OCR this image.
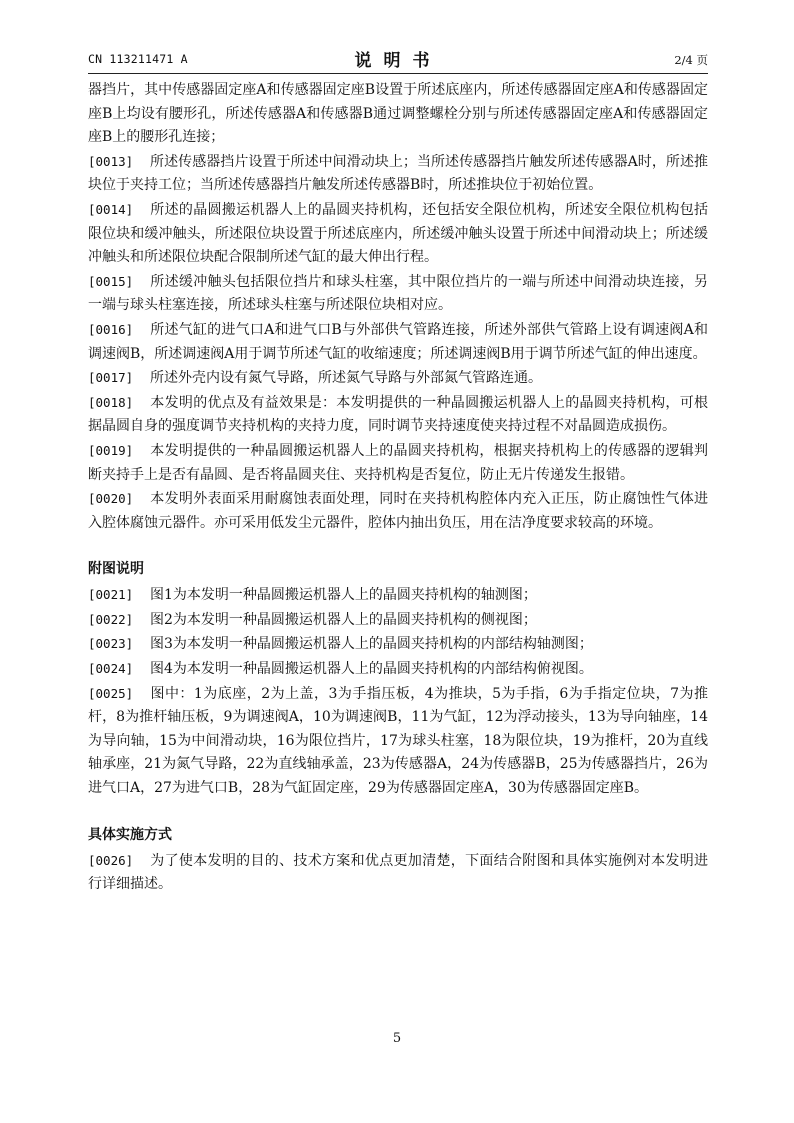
CN 113211471 A	说明书	2/4 页

器挡片，其中传感器固定座A和传感器固定座B设置于所述底座内，所述传感器固定座A和传感器固定座B上均设有腰形孔，所述传感器A和传感器B通过调整螺栓分别与所述传感器固定座A和传感器固定座B上的腰形孔连接；

[0013] 所述传感器挡片设置于所述中间滑动块上；当所述传感器挡片触发所述传感器A时，所述推块位于夹持工位；当所述传感器挡片触发所述传感器B时，所述推块位于初始位置。

[0014] 所述的晶圆搬运机器人上的晶圆夹持机构，还包括安全限位机构，所述安全限位机构包括限位块和缓冲触头，所述限位块设置于所述底座内，所述缓冲触头设置于所述中间滑动块上；所述缓冲触头和所述限位块配合限制所述气缸的最大伸出行程。

[0015] 所述缓冲触头包括限位挡片和球头柱塞，其中限位挡片的一端与所述中间滑动块连接，另一端与球头柱塞连接，所述球头柱塞与所述限位块相对应。

[0016] 所述气缸的进气口A和进气口B与外部供气管路连接，所述外部供气管路上设有调速阀A和调速阀B，所述调速阀A用于调节所述气缸的收缩速度；所述调速阀B用于调节所述气缸的伸出速度。

[0017] 所述外壳内设有氮气导路，所述氮气导路与外部氮气管路连通。

[0018] 本发明的优点及有益效果是：本发明提供的一种晶圆搬运机器人上的晶圆夹持机构，可根据晶圆自身的强度调节夹持机构的夹持力度，同时调节夹持速度使夹持过程不对晶圆造成损伤。

[0019] 本发明提供的一种晶圆搬运机器人上的晶圆夹持机构，根据夹持机构上的传感器的逻辑判断夹持手上是否有晶圆、是否将晶圆夹住、夹持机构是否复位，防止无片传递发生报错。

[0020] 本发明外表面采用耐腐蚀表面处理，同时在夹持机构腔体内充入正压，防止腐蚀性气体进入腔体腐蚀元器件。亦可采用低发尘元器件，腔体内抽出负压，用在洁净度要求较高的环境。

附图说明

[0021] 图1为本发明一种晶圆搬运机器人上的晶圆夹持机构的轴测图；

[0022] 图2为本发明一种晶圆搬运机器人上的晶圆夹持机构的侧视图；

[0023] 图3为本发明一种晶圆搬运机器人上的晶圆夹持机构的内部结构轴测图；

[0024] 图4为本发明一种晶圆搬运机器人上的晶圆夹持机构的内部结构俯视图。

[0025] 图中：1为底座，2为上盖，3为手指压板，4为推块，5为手指，6为手指定位块，7为推杆，8为推杆轴压板，9为调速阀A，10为调速阀B，11为气缸，12为浮动接头，13为导向轴座，14为导向轴，15为中间滑动块，16为限位挡片，17为球头柱塞，18为限位块，19为推杆，20为直线轴承座，21为氮气导路，22为直线轴承盖，23为传感器A，24为传感器B，25为传感器挡片，26为进气口A，27为进气口B，28为气缸固定座，29为传感器固定座A，30为传感器固定座B。

具体实施方式

[0026] 为了使本发明的目的、技术方案和优点更加清楚，下面结合附图和具体实施例对本发明进行详细描述。

5
